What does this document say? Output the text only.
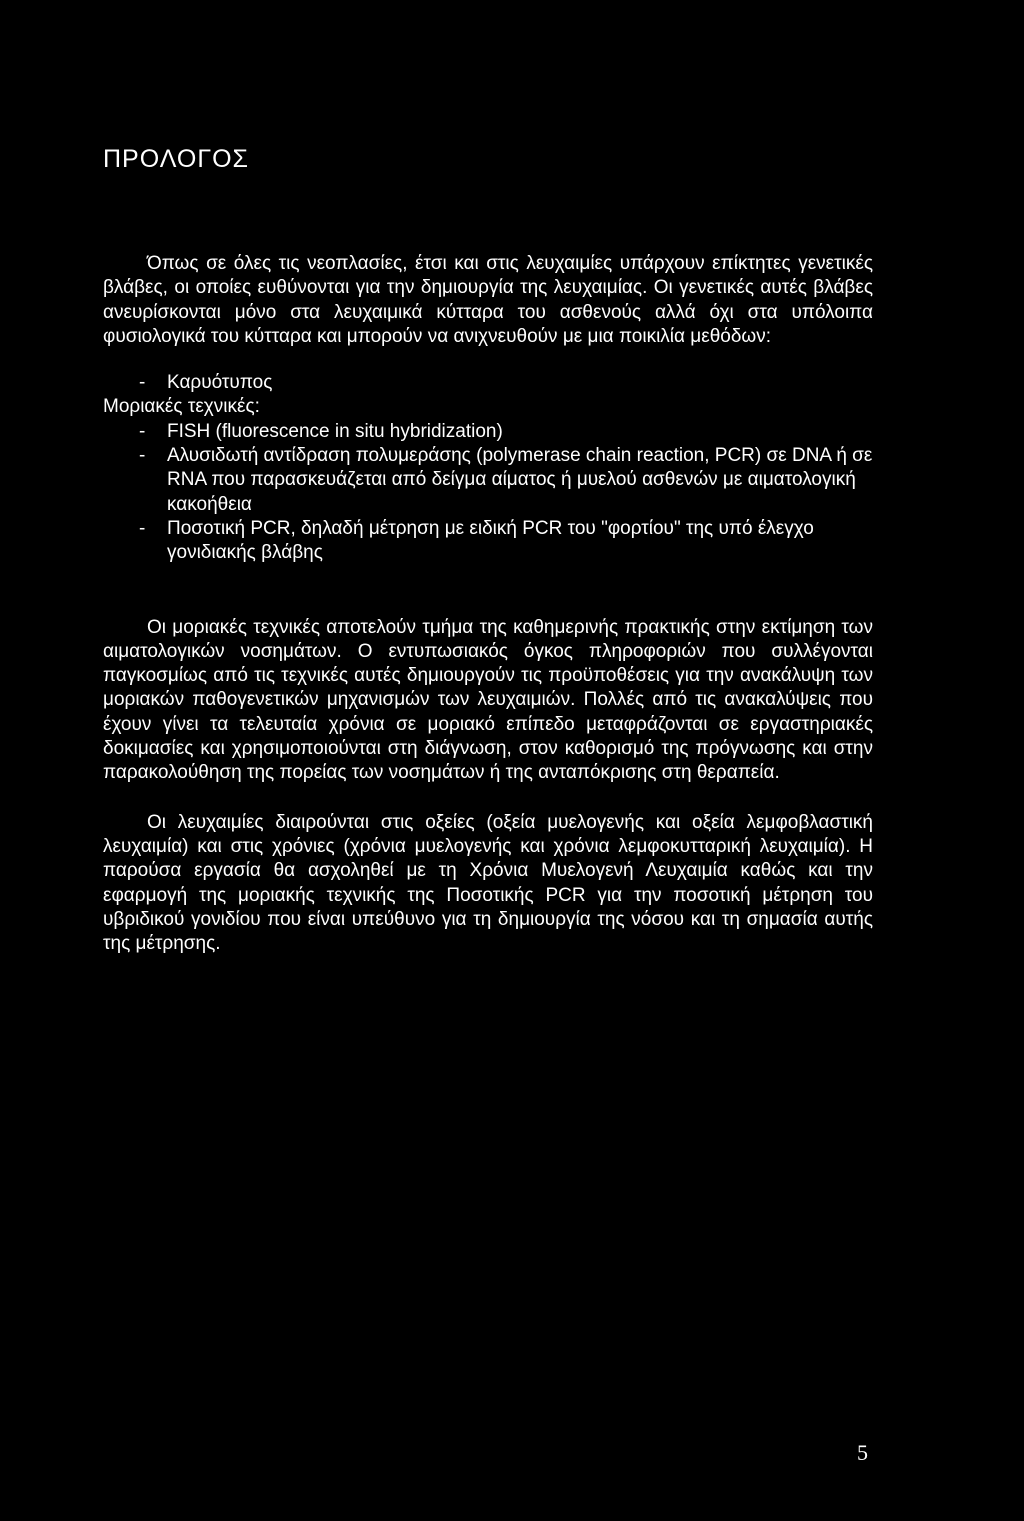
ΠΡΟΛΟΓΟΣ

Όπως σε όλες τις νεοπλασίες, έτσι και στις λευχαιμίες υπάρχουν επίκτητες γενετικές βλάβες, οι οποίες ευθύνονται για την δημιουργία της λευχαιμίας. Οι γενετικές αυτές βλάβες ανευρίσκονται μόνο στα λευχαιμικά κύτταρα του ασθενούς αλλά όχι στα υπόλοιπα φυσιολογικά του κύτταρα και μπορούν να ανιχνευθούν με μια ποικιλία μεθόδων:

- Καρυότυπος

Μοριακές τεχνικές:

- FISH (fluorescence in situ hybridization)
- Αλυσιδωτή αντίδραση πολυμεράσης (polymerase chain reaction, PCR) σε DNA ή σε RNA που παρασκευάζεται από δείγμα αίματος ή μυελού ασθενών με αιματολογική κακοήθεια
- Ποσοτική PCR, δηλαδή μέτρηση με ειδική PCR του "φορτίου" της υπό έλεγχο γονιδιακής βλάβης

Οι μοριακές τεχνικές αποτελούν τμήμα της καθημερινής πρακτικής στην εκτίμηση των αιματολογικών νοσημάτων. Ο εντυπωσιακός όγκος πληροφοριών που συλλέγονται παγκοσμίως από τις τεχνικές αυτές δημιουργούν τις προϋποθέσεις για την ανακάλυψη των μοριακών παθογενετικών μηχανισμών των λευχαιμιών. Πολλές από τις ανακαλύψεις που έχουν γίνει τα τελευταία χρόνια σε μοριακό επίπεδο μεταφράζονται σε εργαστηριακές δοκιμασίες και χρησιμοποιούνται στη διάγνωση, στον καθορισμό της πρόγνωσης και στην παρακολούθηση της πορείας των νοσημάτων ή της ανταπόκρισης στη θεραπεία.

Οι λευχαιμίες διαιρούνται στις οξείες (οξεία μυελογενής και οξεία λεμφοβλαστική λευχαιμία) και στις χρόνιες (χρόνια μυελογενής και χρόνια λεμφοκυτταρική λευχαιμία). Η παρούσα εργασία θα ασχοληθεί με τη Χρόνια Μυελογενή Λευχαιμία καθώς και την εφαρμογή της μοριακής τεχνικής της Ποσοτικής PCR για την ποσοτική μέτρηση του υβριδικού γονιδίου που είναι υπεύθυνο για τη δημιουργία της νόσου και τη σημασία αυτής της μέτρησης.

5
